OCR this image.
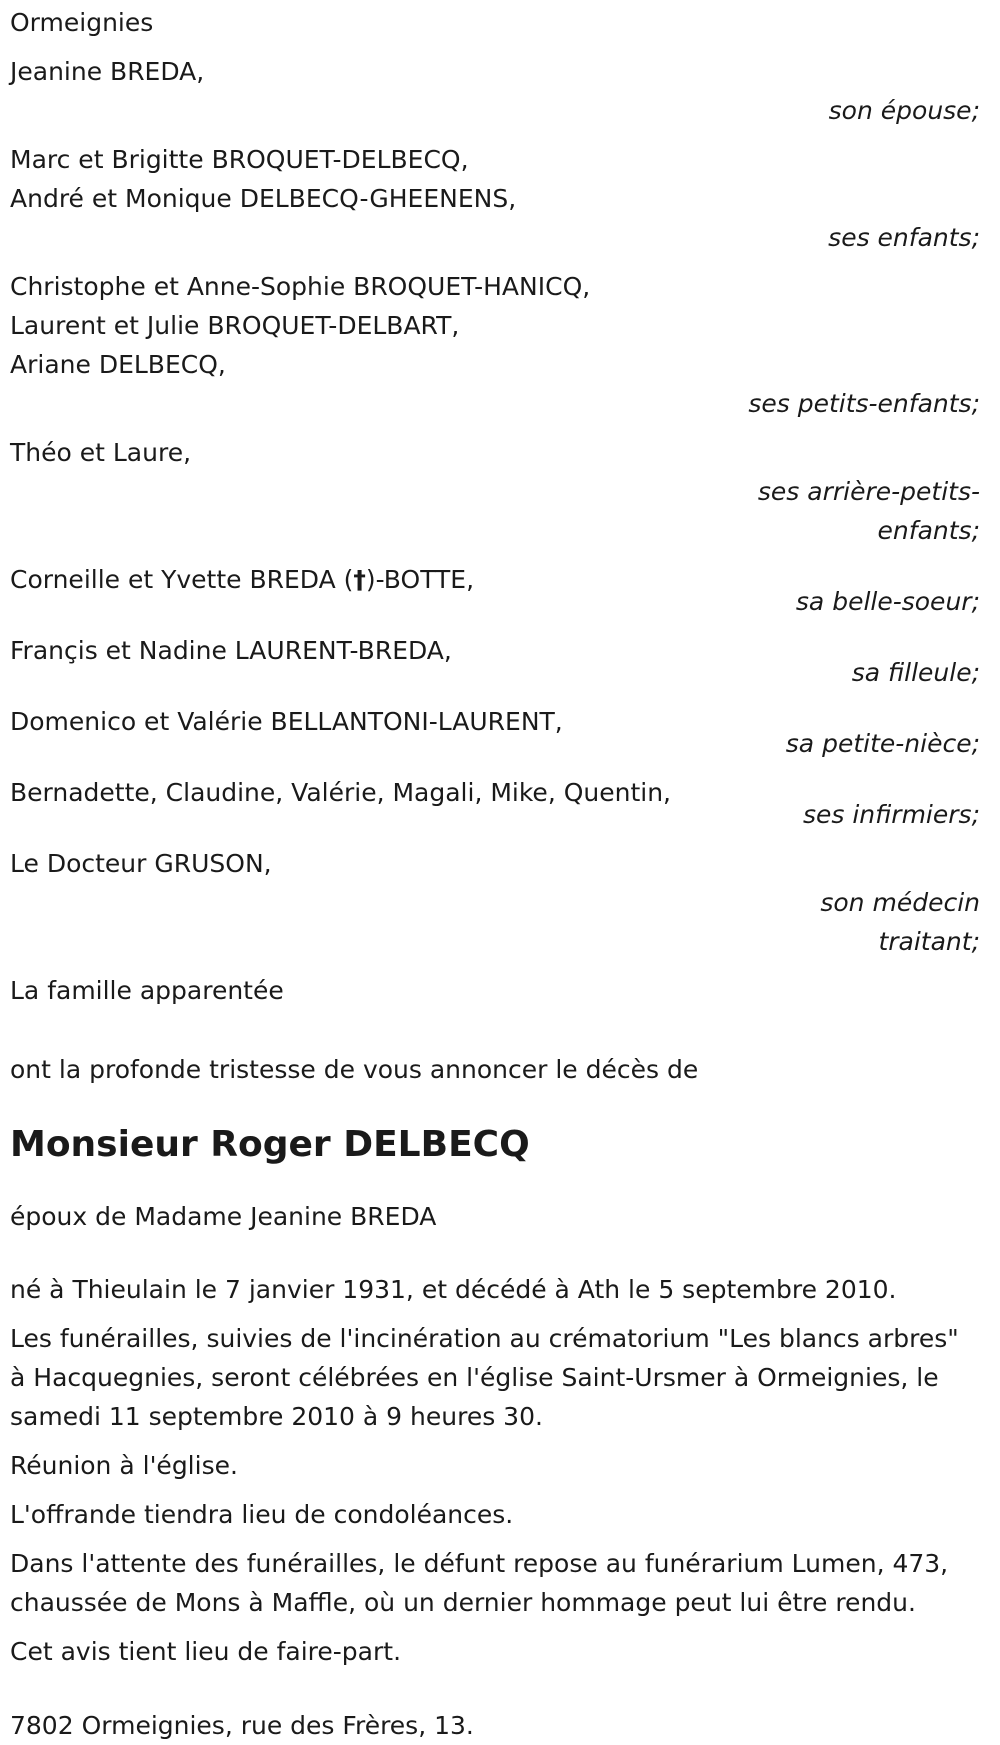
Ormeignies
Jeanine BREDA,
son épouse;
Marc et Brigitte BROQUET-DELBECQ,
André et Monique DELBECQ-GHEENENS,
ses enfants;
Christophe et Anne-Sophie BROQUET-HANICQ,
Laurent et Julie BROQUET-DELBART,
Ariane DELBECQ,
ses petits-enfants;
Théo et Laure,
ses arrière-petits-
enfants;
Corneille et Yvette BREDA (†)-BOTTE,
sa belle-soeur;
Françis et Nadine LAURENT-BREDA,
sa filleule;
Domenico et Valérie BELLANTONI-LAURENT,
sa petite-nièce;
Bernadette, Claudine, Valérie, Magali, Mike, Quentin,
ses infirmiers;
Le Docteur GRUSON,
son médecin
traitant;
La famille apparentée

ont la profonde tristesse de vous annoncer le décès de

Monsieur Roger DELBECQ
époux de Madame Jeanine BREDA
né à Thieulain le 7 janvier 1931, et décédé à Ath le 5 septembre 2010.
Les funérailles, suivies de l'incinération au crématorium "Les blancs arbres" à Hacquegnies, seront célébrées en l'église Saint-Ursmer à Ormeignies, le samedi 11 septembre 2010 à 9 heures 30.
Réunion à l'église.
L'offrande tiendra lieu de condoléances.
Dans l'attente des funérailles, le défunt repose au funérarium Lumen, 473, chaussée de Mons à Maffle, où un dernier hommage peut lui être rendu.
Cet avis tient lieu de faire-part.
7802 Ormeignies, rue des Frères, 13.
